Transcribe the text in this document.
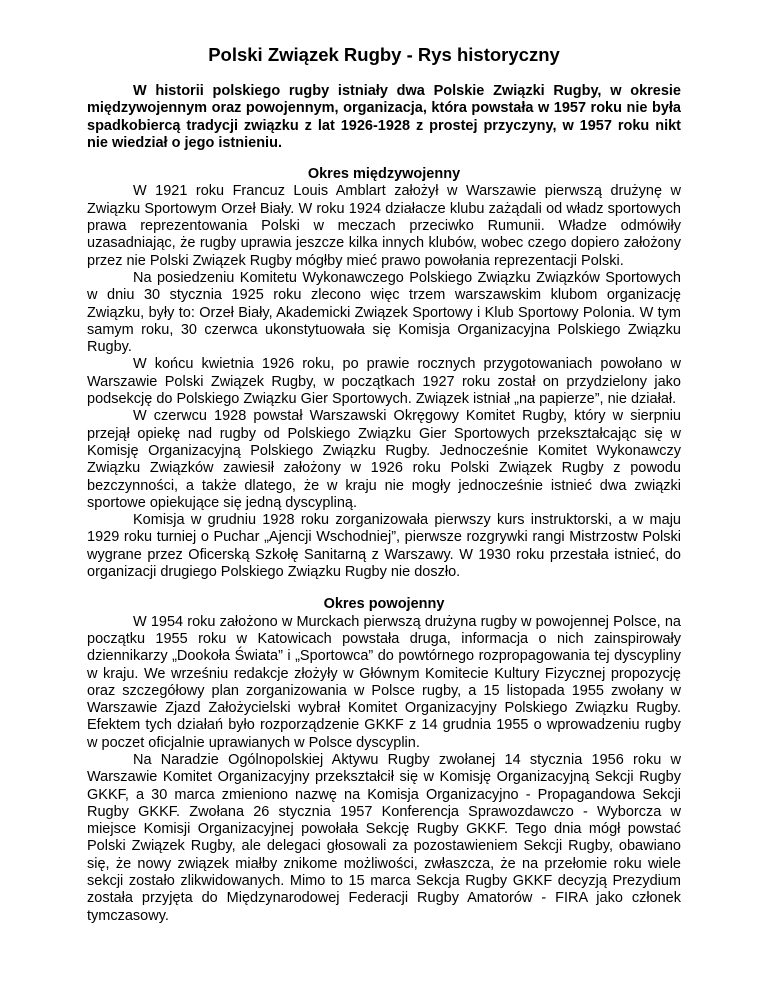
Polski Związek Rugby - Rys historyczny

W historii polskiego rugby istniały dwa Polskie Związki Rugby, w okresie międzywojennym oraz powojennym, organizacja, która powstała w 1957 roku nie była spadkobiercą tradycji związku z lat 1926-1928 z prostej przyczyny, w 1957 roku nikt nie wiedział o jego istnieniu.

Okres międzywojenny

W 1921 roku Francuz Louis Amblart założył w Warszawie pierwszą drużynę w Związku Sportowym Orzeł Biały. W roku 1924 działacze klubu zażądali od władz sportowych prawa reprezentowania Polski w meczach przeciwko Rumunii. Władze odmówiły uzasadniając, że rugby uprawia jeszcze kilka innych klubów, wobec czego dopiero założony przez nie Polski Związek Rugby mógłby mieć prawo powołania reprezentacji Polski.

Na posiedzeniu Komitetu Wykonawczego Polskiego Związku Związków Sportowych w dniu 30 stycznia 1925 roku zlecono więc trzem warszawskim klubom organizację Związku, były to: Orzeł Biały, Akademicki Związek Sportowy i Klub Sportowy Polonia. W tym samym roku, 30 czerwca ukonstytuowała się Komisja Organizacyjna Polskiego Związku Rugby.

W końcu kwietnia 1926 roku, po prawie rocznych przygotowaniach powołano w Warszawie Polski Związek Rugby, w początkach 1927 roku został on przydzielony jako podsekcję do Polskiego Związku Gier Sportowych. Związek istniał „na papierze”, nie działał.

W czerwcu 1928 powstał Warszawski Okręgowy Komitet Rugby, który w sierpniu przejął opiekę nad rugby od Polskiego Związku Gier Sportowych przekształcając się w Komisję Organizacyjną Polskiego Związku Rugby. Jednocześnie Komitet Wykonawczy Związku Związków zawiesił założony w 1926 roku Polski Związek Rugby z powodu bezczynności, a także dlatego, że w kraju nie mogły jednocześnie istnieć dwa związki sportowe opiekujące się jedną dyscypliną.

Komisja w grudniu 1928 roku zorganizowała pierwszy kurs instruktorski, a w maju 1929 roku turniej o Puchar „Ajencji Wschodniej”, pierwsze rozgrywki rangi Mistrzostw Polski wygrane przez Oficerską Szkołę Sanitarną z Warszawy. W 1930 roku przestała istnieć, do organizacji drugiego Polskiego Związku Rugby nie doszło.

Okres powojenny

W 1954 roku założono w Murckach pierwszą drużyna rugby w powojennej Polsce, na początku 1955 roku w Katowicach powstała druga, informacja o nich zainspirowały dziennikarzy „Dookoła Świata” i „Sportowca” do powtórnego rozpropagowania tej dyscypliny w kraju. We wrześniu redakcje złożyły w Głównym Komitecie Kultury Fizycznej propozycję oraz szczegółowy plan zorganizowania w Polsce rugby, a 15 listopada 1955 zwołany w Warszawie Zjazd Założycielski wybrał Komitet Organizacyjny Polskiego Związku Rugby. Efektem tych działań było rozporządzenie GKKF z 14 grudnia 1955 o wprowadzeniu rugby w poczet oficjalnie uprawianych w Polsce dyscyplin.

Na Naradzie Ogólnopolskiej Aktywu Rugby zwołanej 14 stycznia 1956 roku w Warszawie Komitet Organizacyjny przekształcił się w Komisję Organizacyjną Sekcji Rugby GKKF, a 30 marca zmieniono nazwę na Komisja Organizacyjno - Propagandowa Sekcji Rugby GKKF. Zwołana 26 stycznia 1957 Konferencja Sprawozdawczo - Wyborcza w miejsce Komisji Organizacyjnej powołała Sekcję Rugby GKKF. Tego dnia mógł powstać Polski Związek Rugby, ale delegaci głosowali za pozostawieniem Sekcji Rugby, obawiano się, że nowy związek miałby znikome możliwości, zwłaszcza, że na przełomie roku wiele sekcji zostało zlikwidowanych. Mimo to 15 marca Sekcja Rugby GKKF decyzją Prezydium została przyjęta do Międzynarodowej Federacji Rugby Amatorów - FIRA jako członek tymczasowy.
